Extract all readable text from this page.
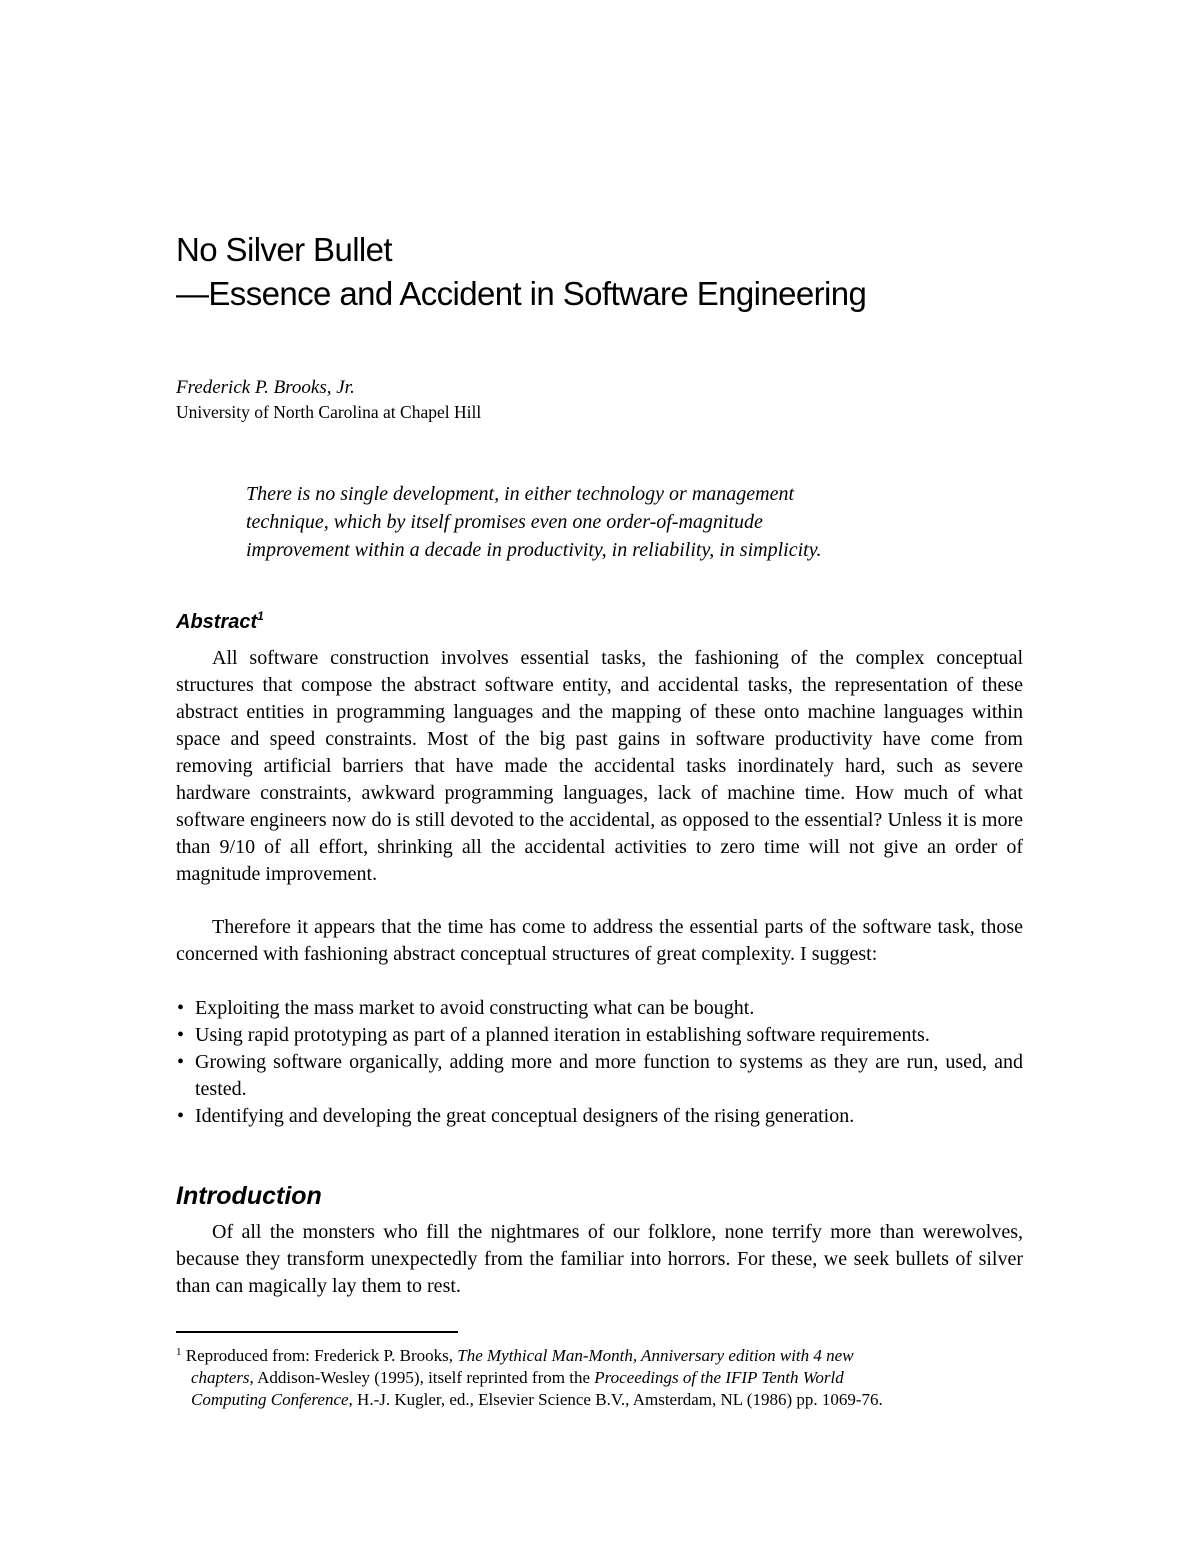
No Silver Bullet
—Essence and Accident in Software Engineering
Frederick P. Brooks, Jr.
University of North Carolina at Chapel Hill
There is no single development, in either technology or management
technique, which by itself promises even one order-of-magnitude
improvement within a decade in productivity, in reliability, in simplicity.
Abstract$^1$

All software construction involves essential tasks, the fashioning of the complex conceptual structures that compose the abstract software entity, and accidental tasks, the representation of these abstract entities in programming languages and the mapping of these onto machine languages within space and speed constraints. Most of the big past gains in software productivity have come from removing artificial barriers that have made the accidental tasks inordinately hard, such as severe hardware constraints, awkward programming languages, lack of machine time. How much of what software engineers now do is still devoted to the accidental, as opposed to the essential? Unless it is more than 9/10 of all effort, shrinking all the accidental activities to zero time will not give an order of magnitude improvement.

Therefore it appears that the time has come to address the essential parts of the software task, those concerned with fashioning abstract conceptual structures of great complexity. I suggest:

• Exploiting the mass market to avoid constructing what can be bought.
• Using rapid prototyping as part of a planned iteration in establishing software requirements.
• Growing software organically, adding more and more function to systems as they are run, used, and tested.
• Identifying and developing the great conceptual designers of the rising generation.
Introduction

Of all the monsters who fill the nightmares of our folklore, none terrify more than werewolves, because they transform unexpectedly from the familiar into horrors. For these, we seek bullets of silver than can magically lay them to rest.

$^1$ Reproduced from: Frederick P. Brooks, The Mythical Man-Month, Anniversary edition with 4 new
chapters, Addison-Wesley (1995), itself reprinted from the Proceedings of the IFIP Tenth World
Computing Conference, H.-J. Kugler, ed., Elsevier Science B.V., Amsterdam, NL (1986) pp. 1069-76.
